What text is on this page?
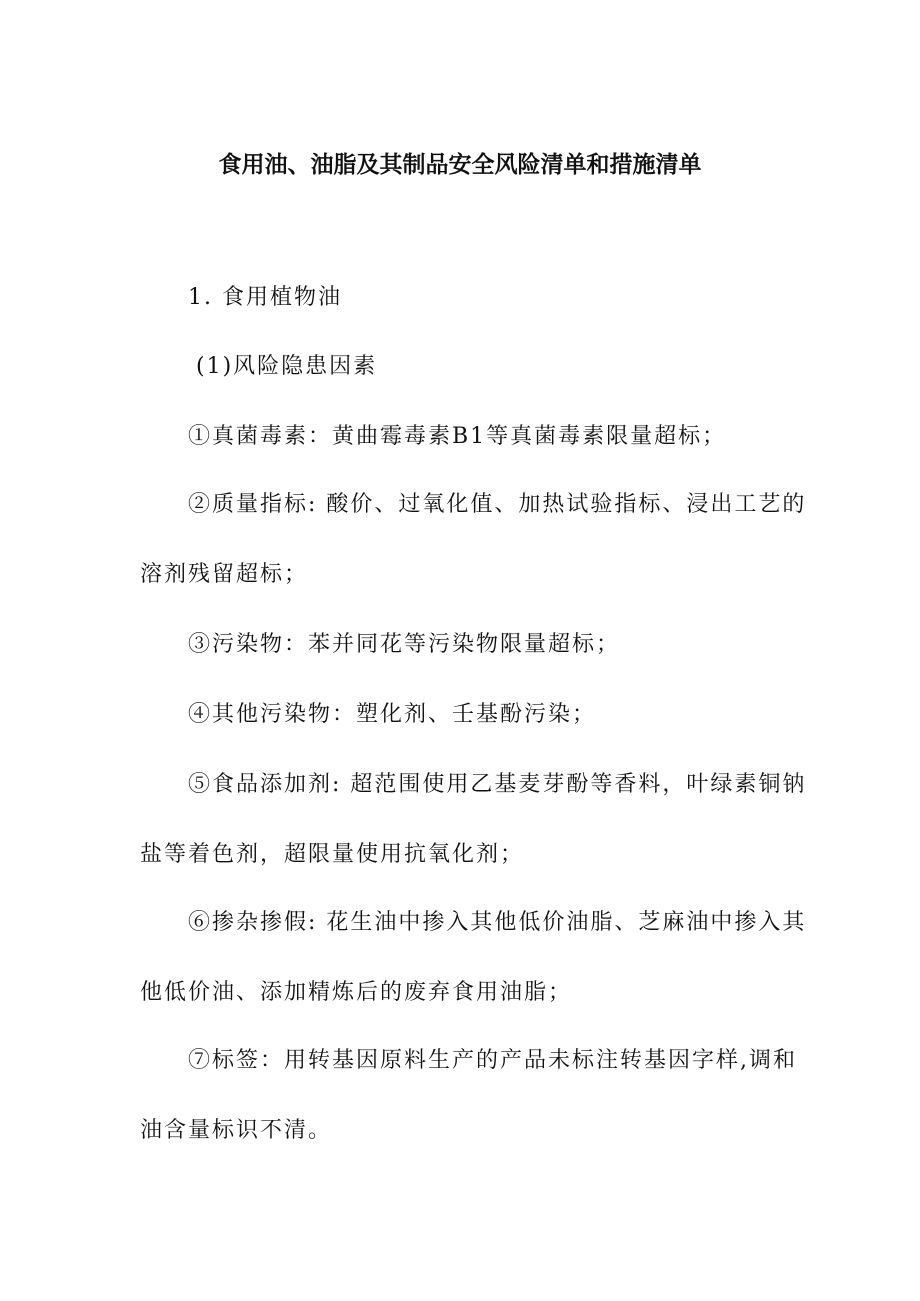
食用油、油脂及其制品安全风险清单和措施清单

1. 食用植物油

(1)风险隐患因素

①真菌毒素：黄曲霉毒素B1等真菌毒素限量超标；

②质量指标: 酸价、过氧化值、加热试验指标、浸出工艺的

溶剂残留超标；

③污染物：苯并同花等污染物限量超标；

④其他污染物：塑化剂、壬基酚污染；

⑤食品添加剂: 超范围使用乙基麦芽酚等香料，叶绿素铜钠

盐等着色剂，超限量使用抗氧化剂；

⑥掺杂掺假: 花生油中掺入其他低价油脂、芝麻油中掺入其

他低价油、添加精炼后的废弃食用油脂；

⑦标签：用转基因原料生产的产品未标注转基因字样,调和

油含量标识不清。
